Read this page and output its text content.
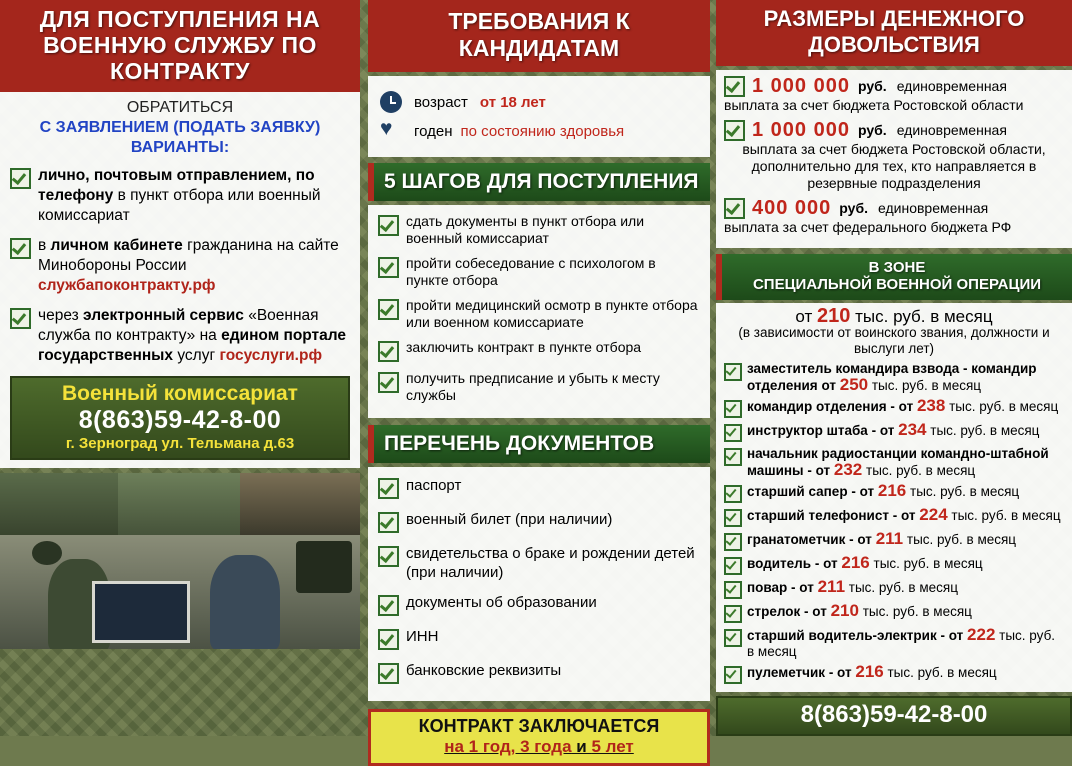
ДЛЯ ПОСТУПЛЕНИЯ НА ВОЕННУЮ СЛУЖБУ ПО КОНТРАКТУ
ОБРАТИТЬСЯ
С ЗАЯВЛЕНИЕМ (ПОДАТЬ ЗАЯВКУ)
ВАРИАНТЫ:
лично, почтовым отправлением, по телефону в пункт отбора или военный комиссариат
в личном кабинете гражданина на сайте Минобороны России
службапоконтракту.рф
через электронный сервис «Военная служба по контракту» на едином портале государственных услуг госуслуги.рф
Военный комиссариат
8(863)59-42-8-00
г. Зерноград ул. Тельмана д.63
ТРЕБОВАНИЯ К КАНДИДАТАМ
возраст от 18 лет
♥
годен по состоянию здоровья
5 ШАГОВ ДЛЯ ПОСТУПЛЕНИЯ
сдать документы в пункт отбора или военный комиссариат
пройти собеседование с психологом в пункте отбора
пройти медицинский осмотр в пункте отбора или военном комиссариате
заключить контракт в пункте отбора
получить предписание и убыть к месту службы
ПЕРЕЧЕНЬ ДОКУМЕНТОВ
паспорт
военный билет (при наличии)
свидетельства о браке и рождении детей (при наличии)
документы об образовании
ИНН
банковские реквизиты
КОНТРАКТ ЗАКЛЮЧАЕТСЯ
на 1 год, 3 года и 5 лет
РАЗМЕРЫ ДЕНЕЖНОГО ДОВОЛЬСТВИЯ
1 000 000 руб. единовременная
выплата за счет бюджета Ростовской области
1 000 000 руб. единовременная
выплата за счет бюджета Ростовской области, дополнительно для тех, кто направляется в резервные подразделения
400 000 руб. единовременная
выплата за счет федерального бюджета РФ
В ЗОНЕ
СПЕЦИАЛЬНОЙ ВОЕННОЙ ОПЕРАЦИИ
от 210 тыс. руб. в месяц
(в зависимости от воинского звания, должности и выслуги лет)
заместитель командира взвода - командир отделения от 250 тыс. руб. в месяц
командир отделения - от 238 тыс. руб. в месяц
инструктор штаба - от 234 тыс. руб. в месяц
начальник радиостанции командно-штабной машины - от 232 тыс. руб. в месяц
старший сапер - от 216 тыс. руб. в месяц
старший телефонист - от 224 тыс. руб. в месяц
гранатометчик - от 211 тыс. руб. в месяц
водитель - от 216 тыс. руб. в месяц
повар - от 211 тыс. руб. в месяц
стрелок - от 210 тыс. руб. в месяц
старший водитель-электрик - от 222 тыс. руб. в месяц
пулеметчик - от 216 тыс. руб. в месяц
8(863)59-42-8-00
